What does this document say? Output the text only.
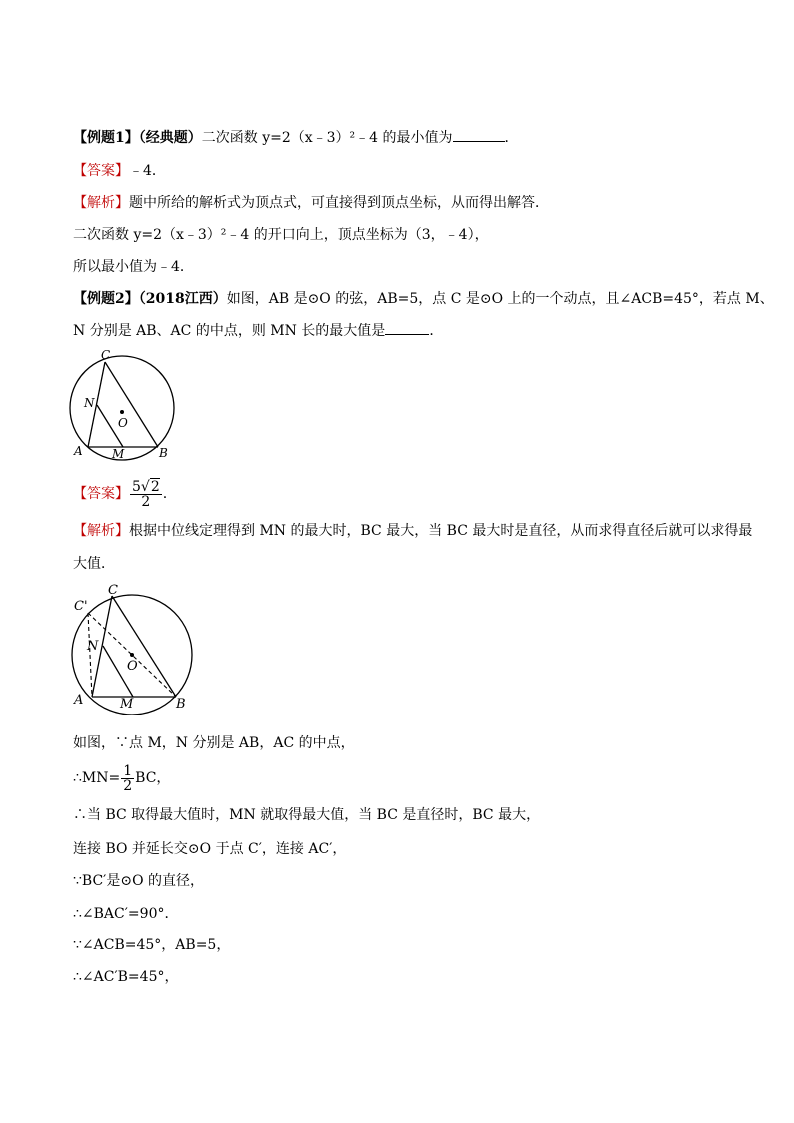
【例题1】（经典题）二次函数 y=2（x﹣3）²﹣4 的最小值为	．
【答案】﹣4．
【解析】题中所给的解析式为顶点式，可直接得到顶点坐标，从而得出解答．
二次函数 y=2（x﹣3）²﹣4 的开口向上，顶点坐标为（3，﹣4），
所以最小值为﹣4．
【例题2】（2018江西）如图，AB 是⊙O 的弦，AB=5，点 C 是⊙O 上的一个动点，且∠ACB=45°，若点 M、
N 分别是 AB、AC 的中点，则 MN 长的最大值是	．
C
N
O
A M	B
【答案】 $\frac{5√2}{2}$ .
【解析】根据中位线定理得到 MN 的最大时，BC 最大，当 BC 最大时是直径，从而求得直径后就可以求得最
大值．
C
C'
N
O
A	M	B
如图，∵点 M，N 分别是 AB，AC 的中点，
∴MN= $\frac{1}{2}$ BC，
∴当 BC 取得最大值时，MN 就取得最大值，当 BC 是直径时，BC 最大，
连接 BO 并延长交⊙O 于点 C′，连接 AC′，
∵BC′是⊙O 的直径，
∴∠BAC′=90°．
∵∠ACB=45°，AB=5，
∴∠AC′B=45°，
